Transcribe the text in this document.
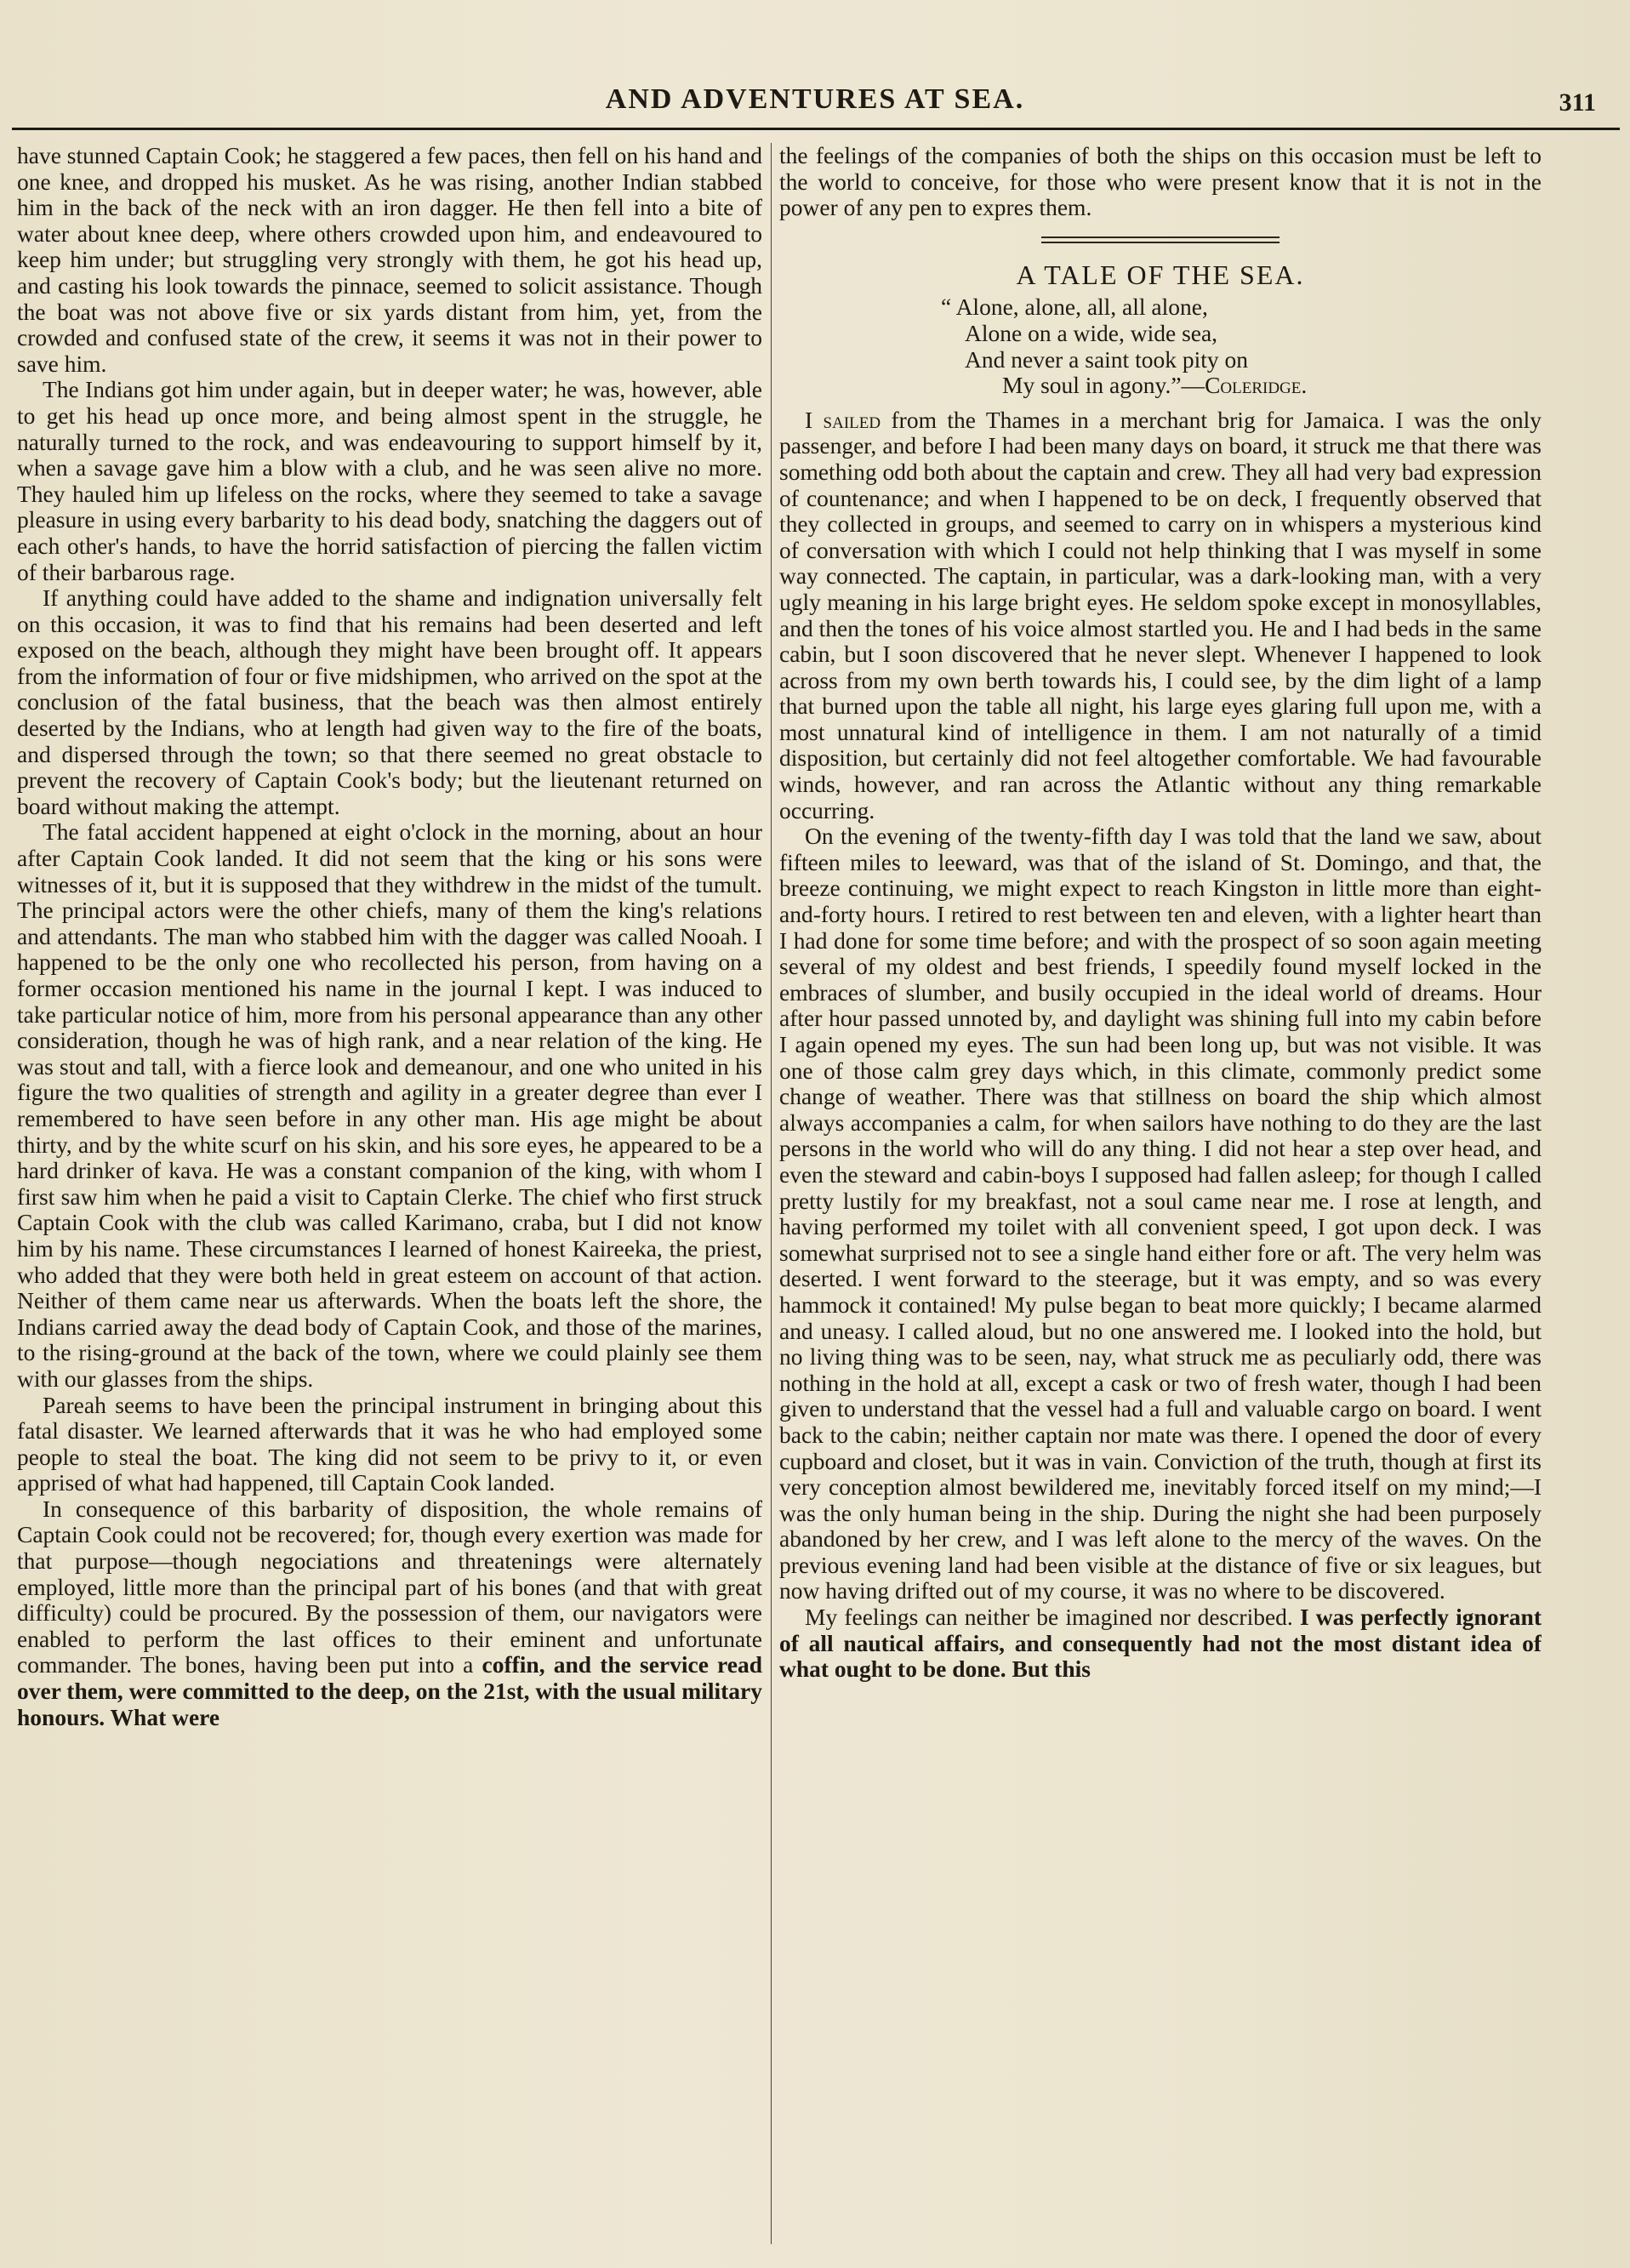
AND ADVENTURES AT SEA.	311

have stunned Captain Cook; he staggered a few paces, then fell on his hand and one knee, and dropped his musket. As he was rising, another Indian stabbed him in the back of the neck with an iron dagger. He then fell into a bite of water about knee deep, where others crowded upon him, and endeavoured to keep him under; but struggling very strongly with them, he got his head up, and casting his look towards the pinnace, seemed to solicit assistance. Though the boat was not above five or six yards distant from him, yet, from the crowded and confused state of the crew, it seems it was not in their power to save him.

The Indians got him under again, but in deeper water; he was, however, able to get his head up once more, and being almost spent in the struggle, he naturally turned to the rock, and was endeavouring to support himself by it, when a savage gave him a blow with a club, and he was seen alive no more. They hauled him up lifeless on the rocks, where they seemed to take a savage pleasure in using every barbarity to his dead body, snatching the daggers out of each other's hands, to have the horrid satisfaction of piercing the fallen victim of their barbarous rage.

If anything could have added to the shame and indignation universally felt on this occasion, it was to find that his remains had been deserted and left exposed on the beach, although they might have been brought off. It appears from the information of four or five midshipmen, who arrived on the spot at the conclusion of the fatal business, that the beach was then almost entirely deserted by the Indians, who at length had given way to the fire of the boats, and dispersed through the town; so that there seemed no great obstacle to prevent the recovery of Captain Cook's body; but the lieutenant returned on board without making the attempt.

The fatal accident happened at eight o'clock in the morning, about an hour after Captain Cook landed. It did not seem that the king or his sons were witnesses of it, but it is supposed that they withdrew in the midst of the tumult. The principal actors were the other chiefs, many of them the king's relations and attendants. The man who stabbed him with the dagger was called Nooah. I happened to be the only one who recollected his person, from having on a former occasion mentioned his name in the journal I kept. I was induced to take particular notice of him, more from his personal appearance than any other consideration, though he was of high rank, and a near relation of the king. He was stout and tall, with a fierce look and demeanour, and one who united in his figure the two qualities of strength and agility in a greater degree than ever I remembered to have seen before in any other man. His age might be about thirty, and by the white scurf on his skin, and his sore eyes, he appeared to be a hard drinker of kava. He was a constant companion of the king, with whom I first saw him when he paid a visit to Captain Clerke. The chief who first struck Captain Cook with the club was called Karimano, craba, but I did not know him by his name. These circumstances I learned of honest Kaireeka, the priest, who added that they were both held in great esteem on account of that action. Neither of them came near us afterwards. When the boats left the shore, the Indians carried away the dead body of Captain Cook, and those of the marines, to the rising-ground at the back of the town, where we could plainly see them with our glasses from the ships.

Pareah seems to have been the principal instrument in bringing about this fatal disaster. We learned afterwards that it was he who had employed some people to steal the boat. The king did not seem to be privy to it, or even apprised of what had happened, till Captain Cook landed.

In consequence of this barbarity of disposition, the whole remains of Captain Cook could not be recovered; for, though every exertion was made for that purpose—though negociations and threatenings were alternately employed, little more than the principal part of his bones (and that with great difficulty) could be procured. By the possession of them, our navigators were enabled to perform the last offices to their eminent and unfortunate commander. The bones, having been put into a coffin, and the service read over them, were committed to the deep, on the 21st, with the usual military honours. What were

the feelings of the companies of both the ships on this occasion must be left to the world to conceive, for those who were present know that it is not in the power of any pen to expres them.

A TALE OF THE SEA.
“ Alone, alone, all, all alone,
Alone on a wide, wide sea,
And never a saint took pity on
My soul in agony.”—Coleridge.

I sailed from the Thames in a merchant brig for Jamaica. I was the only passenger, and before I had been many days on board, it struck me that there was something odd both about the captain and crew. They all had very bad expression of countenance; and when I happened to be on deck, I frequently observed that they collected in groups, and seemed to carry on in whispers a mysterious kind of conversation with which I could not help thinking that I was myself in some way connected. The captain, in particular, was a dark-looking man, with a very ugly meaning in his large bright eyes. He seldom spoke except in monosyllables, and then the tones of his voice almost startled you. He and I had beds in the same cabin, but I soon discovered that he never slept. Whenever I happened to look across from my own berth towards his, I could see, by the dim light of a lamp that burned upon the table all night, his large eyes glaring full upon me, with a most unnatural kind of intelligence in them. I am not naturally of a timid disposition, but certainly did not feel altogether comfortable. We had favourable winds, however, and ran across the Atlantic without any thing remarkable occurring.

On the evening of the twenty-fifth day I was told that the land we saw, about fifteen miles to leeward, was that of the island of St. Domingo, and that, the breeze continuing, we might expect to reach Kingston in little more than eight-and-forty hours. I retired to rest between ten and eleven, with a lighter heart than I had done for some time before; and with the prospect of so soon again meeting several of my oldest and best friends, I speedily found myself locked in the embraces of slumber, and busily occupied in the ideal world of dreams. Hour after hour passed unnoted by, and daylight was shining full into my cabin before I again opened my eyes. The sun had been long up, but was not visible. It was one of those calm grey days which, in this climate, commonly predict some change of weather. There was that stillness on board the ship which almost always accompanies a calm, for when sailors have nothing to do they are the last persons in the world who will do any thing. I did not hear a step over head, and even the steward and cabin-boys I supposed had fallen asleep; for though I called pretty lustily for my breakfast, not a soul came near me. I rose at length, and having performed my toilet with all convenient speed, I got upon deck. I was somewhat surprised not to see a single hand either fore or aft. The very helm was deserted. I went forward to the steerage, but it was empty, and so was every hammock it contained! My pulse began to beat more quickly; I became alarmed and uneasy. I called aloud, but no one answered me. I looked into the hold, but no living thing was to be seen, nay, what struck me as peculiarly odd, there was nothing in the hold at all, except a cask or two of fresh water, though I had been given to understand that the vessel had a full and valuable cargo on board. I went back to the cabin; neither captain nor mate was there. I opened the door of every cupboard and closet, but it was in vain. Conviction of the truth, though at first its very conception almost bewildered me, inevitably forced itself on my mind;—I was the only human being in the ship. During the night she had been purposely abandoned by her crew, and I was left alone to the mercy of the waves. On the previous evening land had been visible at the distance of five or six leagues, but now having drifted out of my course, it was no where to be discovered.

My feelings can neither be imagined nor described. I was perfectly ignorant of all nautical affairs, and consequently had not the most distant idea of what ought to be done. But this
